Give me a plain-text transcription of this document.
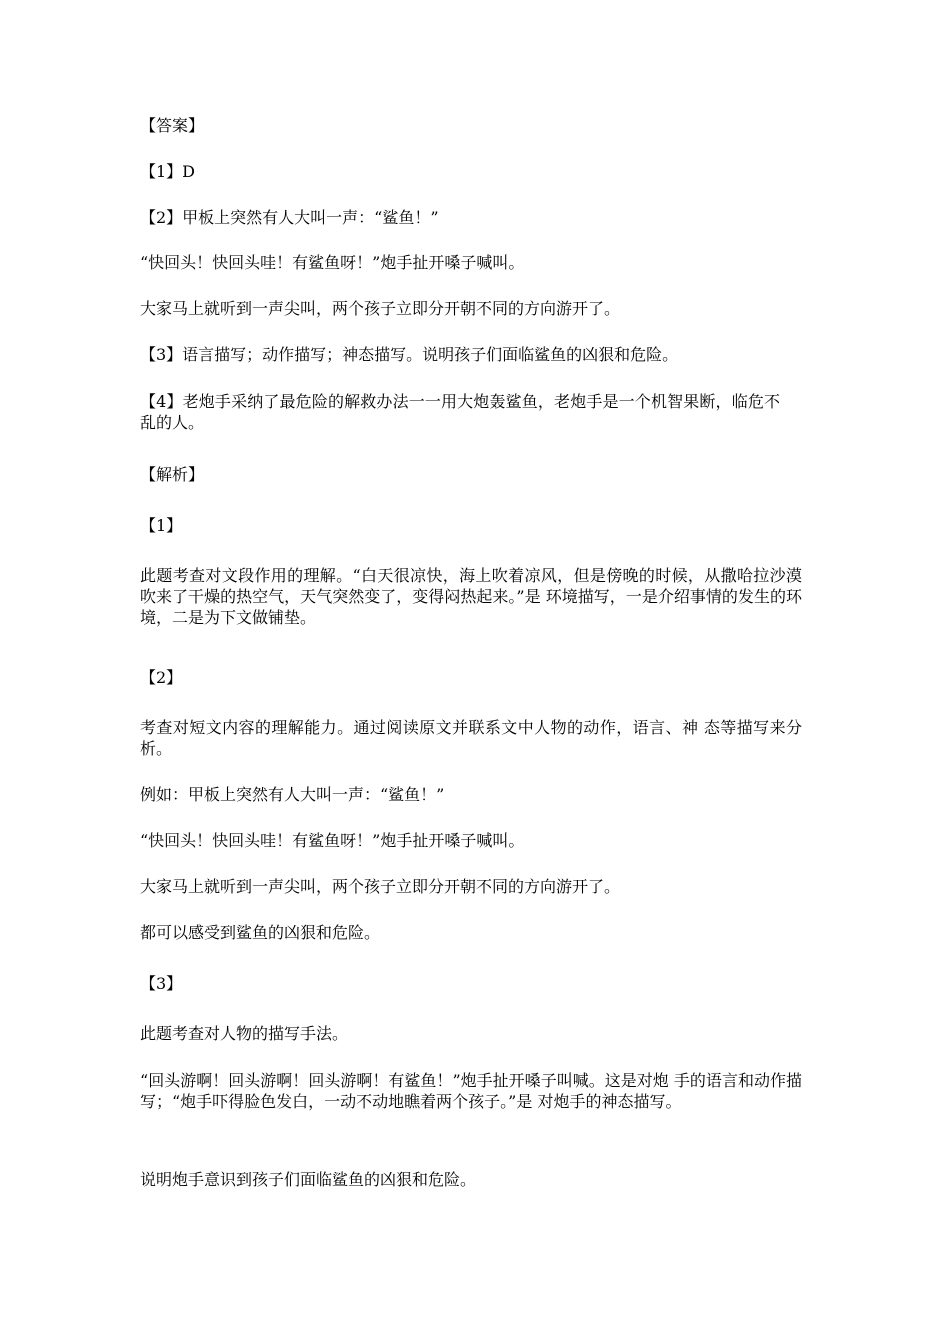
【答案】
【1】D
【2】甲板上突然有人大叫一声：“鲨鱼！”
“快回头！快回头哇！有鲨鱼呀！”炮手扯开嗓子喊叫。
大家马上就听到一声尖叫，两个孩子立即分开朝不同的方向游开了。
【3】语言描写；动作描写；神态描写。说明孩子们面临鲨鱼的凶狠和危险。
【4】老炮手采纳了最危险的解救办法一一用大炮轰鲨鱼，老炮手是一个机智果断，临危不乱的人。
【解析】
【1】
此题考查对文段作用的理解。“白天很凉快，海上吹着凉风，但是傍晚的时候，从撒哈拉沙漠吹来了干燥的热空气，天气突然变了，变得闷热起来。”是 环境描写，一是介绍事情的发生的环境，二是为下文做铺垫。
【2】
考查对短文内容的理解能力。通过阅读原文并联系文中人物的动作，语言、神 态等描写来分析。
例如：甲板上突然有人大叫一声：“鲨鱼！”
“快回头！快回头哇！有鲨鱼呀！”炮手扯开嗓子喊叫。
大家马上就听到一声尖叫，两个孩子立即分开朝不同的方向游开了。
都可以感受到鲨鱼的凶狠和危险。
【3】
此题考查对人物的描写手法。
“回头游啊！回头游啊！回头游啊！有鲨鱼！”炮手扯开嗓子叫喊。这是对炮 手的语言和动作描写；“炮手吓得脸色发白，一动不动地瞧着两个孩子。”是 对炮手的神态描写。
说明炮手意识到孩子们面临鲨鱼的凶狠和危险。
